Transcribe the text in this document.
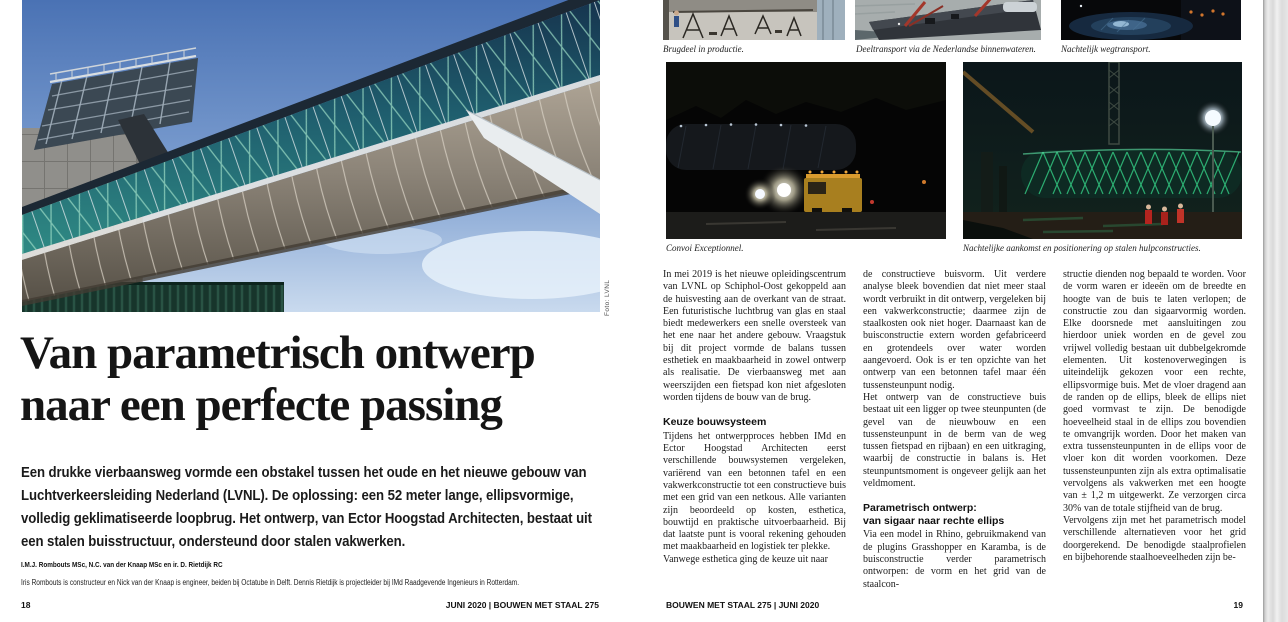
Foto: LVNL
Van parametrisch ontwerp
naar een perfecte passing
Een drukke vierbaansweg vormde een obstakel tussen het oude en het nieuwe gebouw van Luchtverkeersleiding Nederland (LVNL). De oplossing: een 52 meter lange, ellipsvormige, volledig geklimatiseerde loopbrug. Het ontwerp, van Ector Hoogstad Architecten, bestaat uit een stalen buisstructuur, ondersteund door stalen vakwerken.
I.M.J. Rombouts MSc, N.C. van der Knaap MSc en ir. D. Rietdijk RC
Iris Rombouts is constructeur en Nick van der Knaap is engineer, beiden bij Octatube in Delft. Dennis Rietdijk is projectleider bij IMd Raadgevende Ingenieurs in Rotterdam.
18	JUNI 2020 | BOUWEN MET STAAL 275
Brugdeel in productie.	Deeltransport via de Nederlandse binnenwateren.	Nachtelijk wegtransport.
Convoi Exceptionnel.	Nachtelijke aankomst en positionering op stalen hulpconstructies.

In mei 2019 is het nieuwe opleidingscentrum van LVNL op Schiphol-Oost gekoppeld aan de huisvesting aan de overkant van de straat. Een futuristische luchtbrug van glas en staal biedt medewerkers een snelle oversteek van het ene naar het andere gebouw. Vraagstuk bij dit project vormde de balans tussen esthetiek en maakbaarheid in zowel ontwerp als realisatie. De vierbaansweg met aan weerszijden een fietspad kon niet afgesloten worden tijdens de bouw van de brug.

Keuze bouwsysteem

Tijdens het ontwerpproces hebben IMd en Ector Hoogstad Architecten eerst verschillende bouwsystemen vergeleken, variërend van een betonnen tafel en een vakwerkconstructie tot een constructieve buis met een grid van een netkous. Alle varianten zijn beoordeeld op kosten, esthetica, bouwtijd en praktische uitvoerbaarheid. Bij dat laatste punt is vooral rekening gehouden met maakbaarheid en logistiek ter plekke.

Vanwege esthetica ging de keuze uit naar

de constructieve buisvorm. Uit verdere analyse bleek bovendien dat niet meer staal wordt verbruikt in dit ontwerp, vergeleken bij een vakwerkconstructie; daarmee zijn de staalkosten ook niet hoger. Daarnaast kan de buisconstructie extern worden gefabriceerd en grotendeels over water worden aangevoerd. Ook is er ten opzichte van het ontwerp van een betonnen tafel maar één tussensteunpunt nodig.

Het ontwerp van de constructieve buis bestaat uit een ligger op twee steunpunten (de gevel van de nieuwbouw en een tussensteunpunt in de berm van de weg tussen fietspad en rijbaan) en een uitkraging, waarbij de constructie in balans is. Het steunpuntsmoment is ongeveer gelijk aan het veldmoment.

Parametrisch ontwerp:
van sigaar naar rechte ellips

Via een model in Rhino, gebruikmakend van de plugins Grasshopper en Karamba, is de buisconstructie verder parametrisch ontworpen: de vorm en het grid van de staalcon-

structie dienden nog bepaald te worden. Voor de vorm waren er ideeën om de breedte en hoogte van de buis te laten verlopen; de constructie zou dan sigaarvormig worden. Elke doorsnede met aansluitingen zou hierdoor uniek worden en de gevel zou vrijwel volledig bestaan uit dubbelgekromde elementen. Uit kostenoverwegingen is uiteindelijk gekozen voor een rechte, ellipsvormige buis. Met de vloer dragend aan de randen op de ellips, bleek de ellips niet goed vormvast te zijn. De benodigde hoeveelheid staal in de ellips zou bovendien te omvangrijk worden. Door het maken van extra tussensteunpunten in de ellips voor de vloer kon dit worden voorkomen. Deze tussensteunpunten zijn als extra optimalisatie vervolgens als vakwerken met een hoogte van ± 1,2 m uitgewerkt. Ze verzorgen circa 30% van de totale stijfheid van de brug.

Vervolgens zijn met het parametrisch model verschillende alternatieven voor het grid doorgerekend. De benodigde staalprofielen en bijbehorende staalhoeveelheden zijn be-

BOUWEN MET STAAL 275 | JUNI 2020	19
